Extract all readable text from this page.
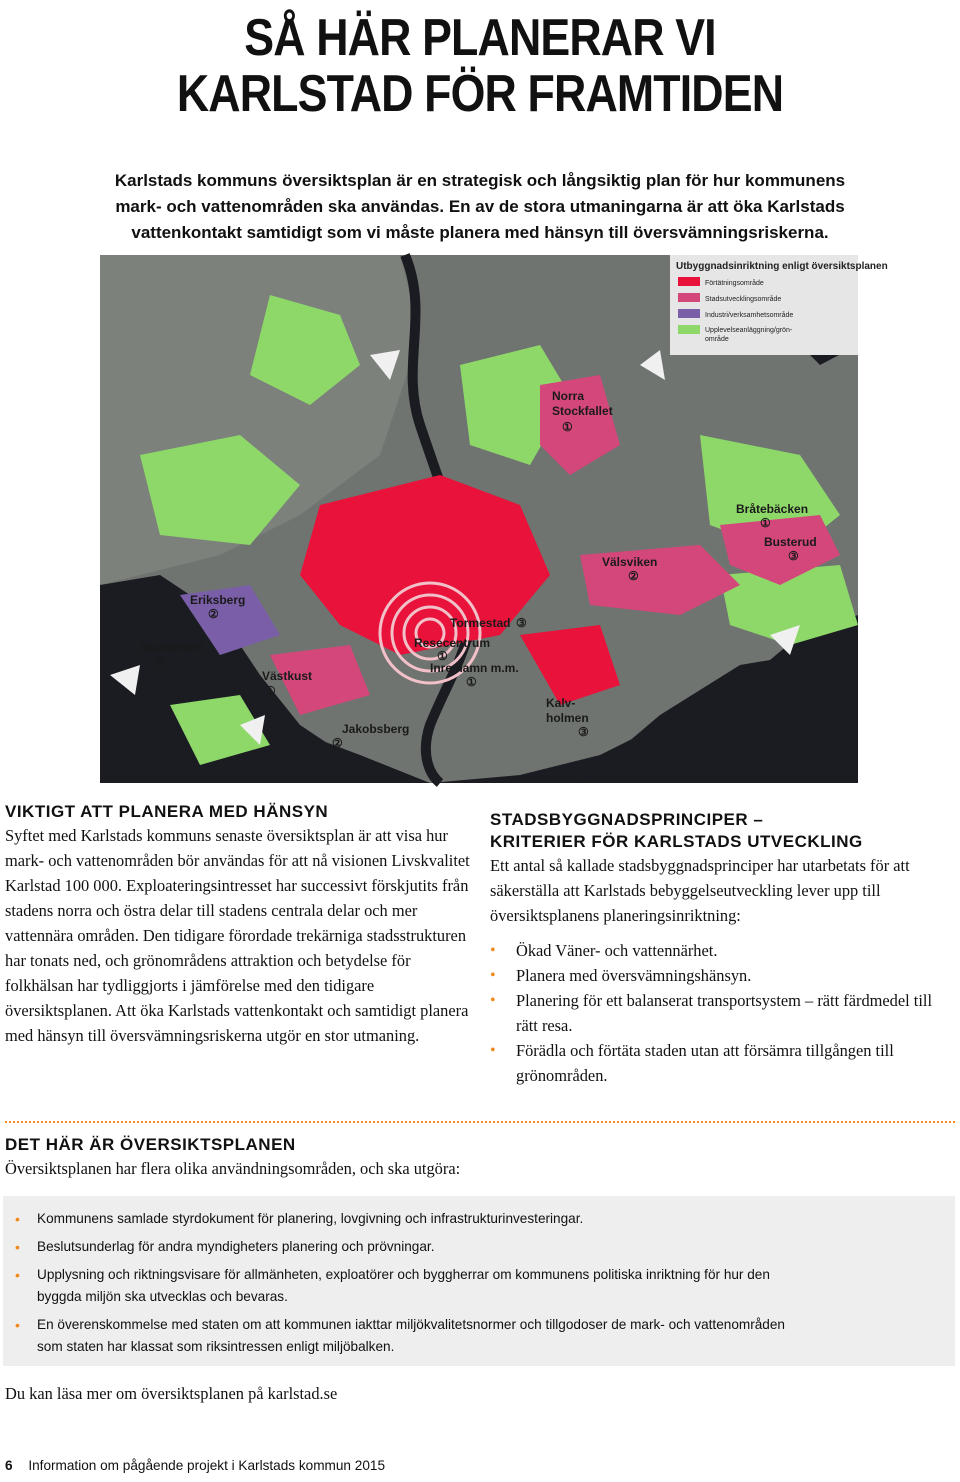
SÅ HÄR PLANERAR VI
KARLSTAD FÖR FRAMTIDEN
Karlstads kommuns översiktsplan är en strategisk och långsiktig plan för hur kommunens
mark- och vattenområden ska användas. En av de stora utmaningarna är att öka Karlstads
vattenkontakt samtidigt som vi måste planera med hänsyn till översvämningsriskerna.
Utbyggnadsinriktning enligt översiktsplanen
Förtätningsområde
Stadsutvecklingsområde
Industri/verksamhetsområde
Upplevelseanläggning/grön-
område
Norra
Stockfallet
①
Bråtebäcken
①
Busterud
③
Välsviken
②
Eriksberg
②
Skutberget
①
Västkust
①
Tormestad ③
Resecentrum
①
Inre hamn m.m.
①
Kalv-
holmen
③
Jakobsberg
②
VIKTIGT ATT PLANERA MED HÄNSYN

Syftet med Karlstads kommuns senaste översiktsplan är att visa hur mark- och vattenområden bör användas för att nå visionen Livskvalitet Karlstad 100 000. Exploateringsintresset har successivt förskjutits från stadens norra och östra delar till stadens centrala delar och mer vattennära områden. Den tidigare förordade trekärniga stadsstrukturen har tonats ned, och grönområdens attraktion och betydelse för folkhälsan har tydliggjorts i jämförelse med den tidigare översiktsplanen. Att öka Karlstads vattenkontakt och samtidigt planera med hänsyn till översvämningsriskerna utgör en stor utmaning.

STADSBYGGNADSPRINCIPER –
KRITERIER FÖR KARLSTADS UTVECKLING

Ett antal så kallade stadsbyggnadsprinciper har utarbetats för att säkerställa att Karlstads bebyggelseutveckling lever upp till översiktsplanens planeringsinriktning:

• Ökad Väner- och vattennärhet.
• Planera med översvämningshänsyn.
• Planering för ett balanserat transportsystem – rätt färdmedel till rätt resa.
• Förädla och förtäta staden utan att försämra tillgången till grönområden.
DET HÄR ÄR ÖVERSIKTSPLANEN
Översiktsplanen har flera olika användningsområden, och ska utgöra:
• Kommunens samlade styrdokument för planering, lovgivning och infrastrukturinvesteringar.
• Beslutsunderlag för andra myndigheters planering och prövningar.
• Upplysning och riktningsvisare för allmänheten, exploatörer och byggherrar om kommunens politiska inriktning för hur den byggda miljön ska utvecklas och bevaras.
• En överenskommelse med staten om att kommunen iakttar miljökvalitetsnormer och tillgodoser de mark- och vattenområden som staten har klassat som riksintressen enligt miljöbalken.
Du kan läsa mer om översiktsplanen på karlstad.se
6 Information om pågående projekt i Karlstads kommun 2015
